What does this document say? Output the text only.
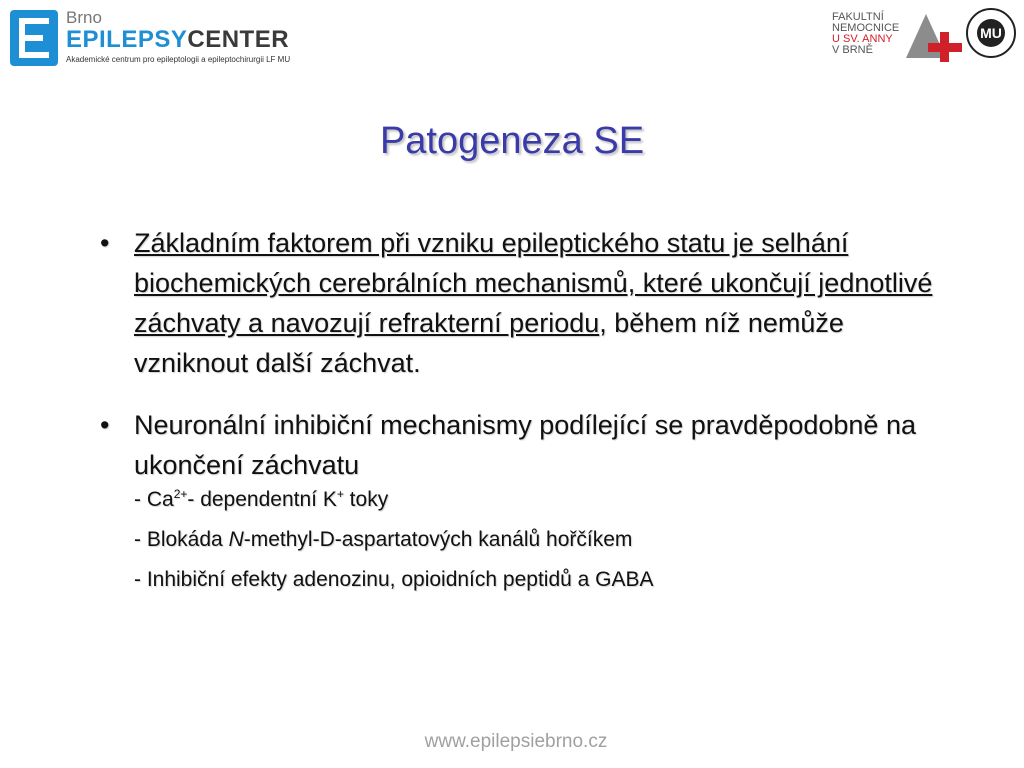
Brno
EPILEPSYCENTER
Akademické centrum pro epileptologii a epileptochirurgii LF MU
FAKULTNÍ
NEMOCNICE
U SV. ANNY
V BRNĚ
MU
Patogeneza SE
• Základním faktorem při vzniku epileptického statu je selhání biochemických cerebrálních mechanismů, které ukončují jednotlivé záchvaty a navozují refrakterní periodu, během níž nemůže vzniknout další záchvat.
• Neuronální inhibiční mechanismy podílející se pravděpodobně na ukončení záchvatu
- $Ca^{2+}-$ dependentní K+ toky
- Blokáda N-methyl-D-aspartatových kanálů hořčíkem
- Inhibiční efekty adenozinu, opioidních peptidů a GABA
www.epilepsiebrno.cz
